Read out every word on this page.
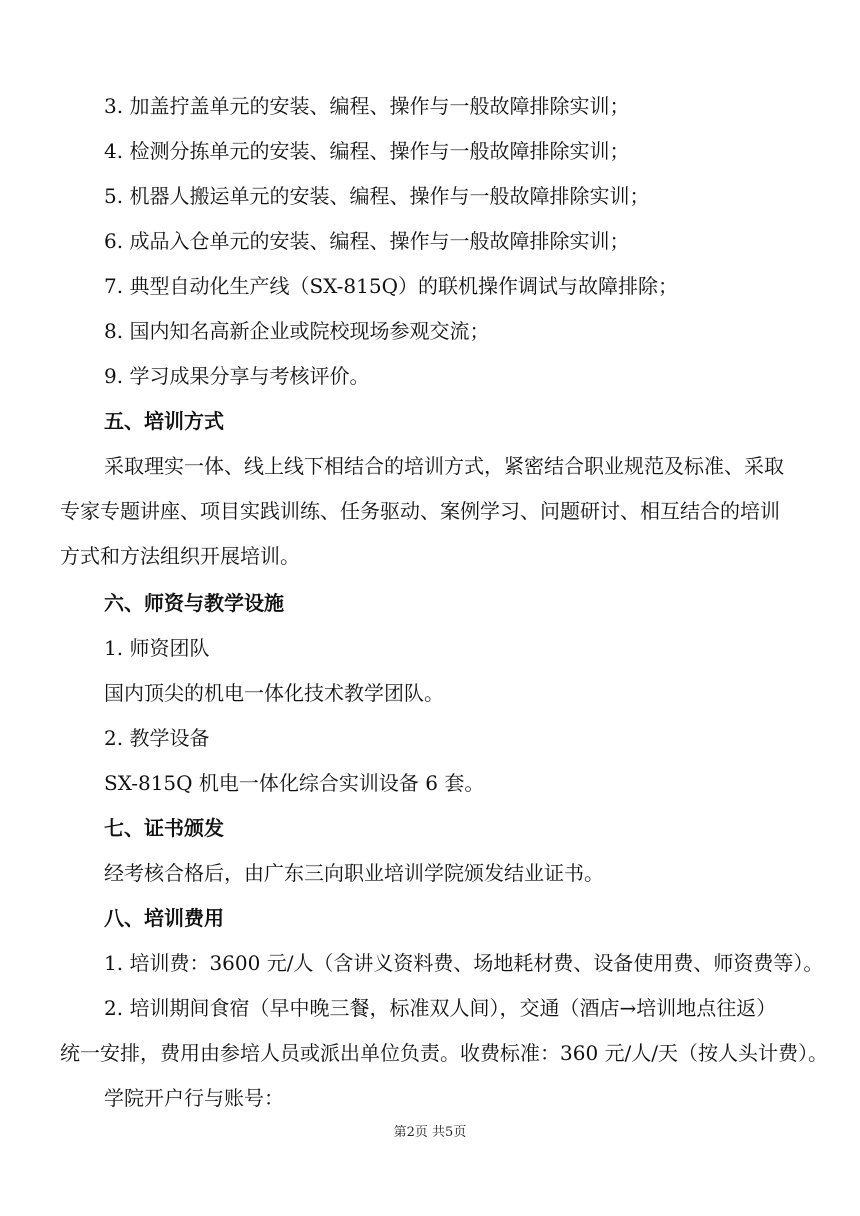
3. 加盖拧盖单元的安装、编程、操作与一般故障排除实训；
4. 检测分拣单元的安装、编程、操作与一般故障排除实训；
5. 机器人搬运单元的安装、编程、操作与一般故障排除实训；
6. 成品入仓单元的安装、编程、操作与一般故障排除实训；
7. 典型自动化生产线（SX-815Q）的联机操作调试与故障排除；
8. 国内知名高新企业或院校现场参观交流；
9. 学习成果分享与考核评价。
五、培训方式
采取理实一体、线上线下相结合的培训方式，紧密结合职业规范及标准、采取
专家专题讲座、项目实践训练、任务驱动、案例学习、问题研讨、相互结合的培训
方式和方法组织开展培训。
六、师资与教学设施
1. 师资团队
国内顶尖的机电一体化技术教学团队。
2. 教学设备
SX-815Q 机电一体化综合实训设备 6 套。
七、证书颁发
经考核合格后，由广东三向职业培训学院颁发结业证书。
八、培训费用
1. 培训费：3600 元/人（含讲义资料费、场地耗材费、设备使用费、师资费等）。
2. 培训期间食宿（早中晚三餐，标准双人间），交通（酒店→培训地点往返）
统一安排，费用由参培人员或派出单位负责。收费标准：360 元/人/天（按人头计费）。
学院开户行与账号：
第2页 共5页
